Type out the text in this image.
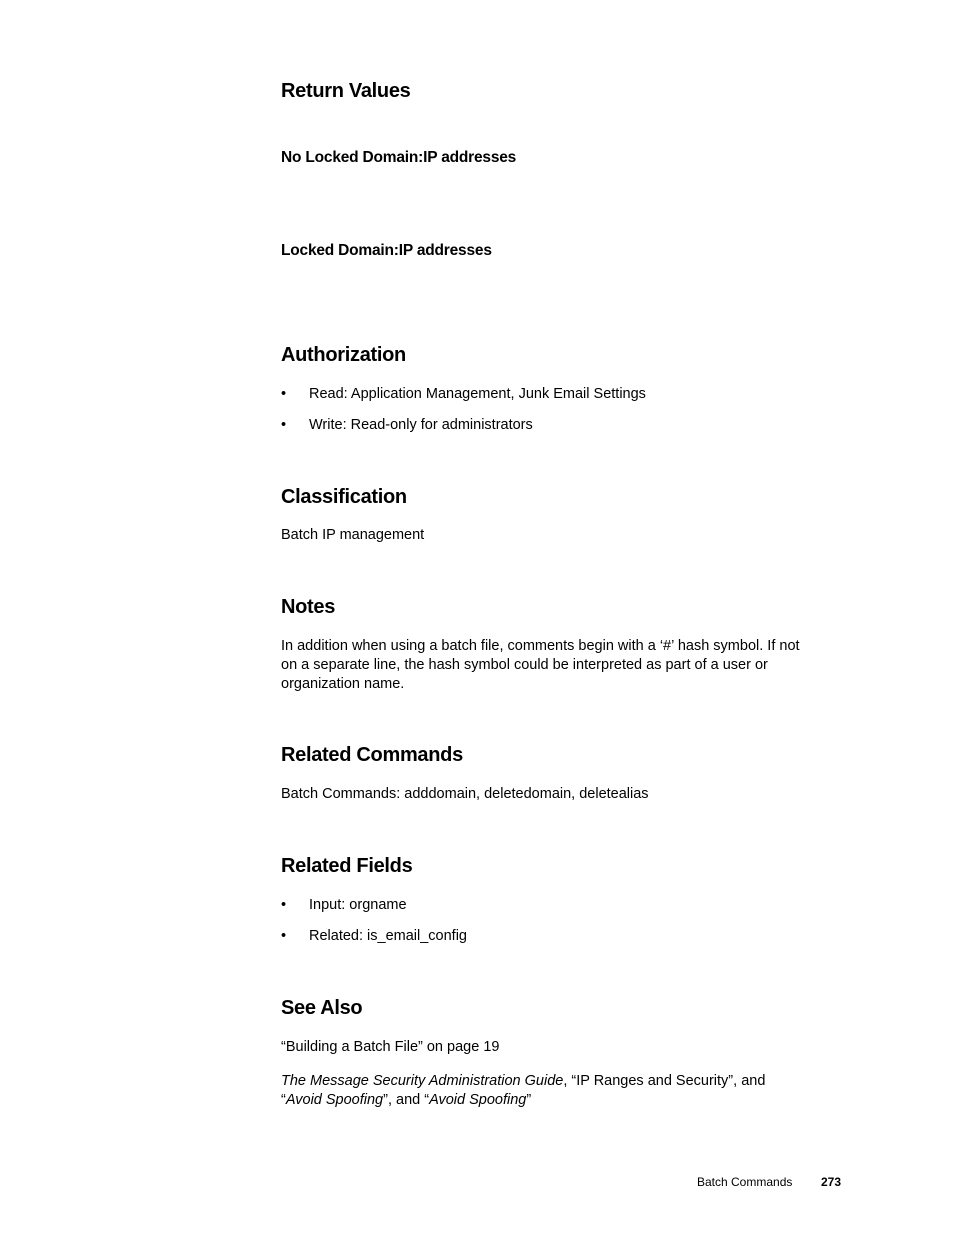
Return Values
No Locked Domain:IP addresses
Locked Domain:IP addresses
Authorization
• Read: Application Management, Junk Email Settings
• Write: Read-only for administrators
Classification
Batch IP management
Notes
In addition when using a batch file, comments begin with a ‘#’ hash symbol. If not
on a separate line, the hash symbol could be interpreted as part of a user or
organization name.
Related Commands
Batch Commands: adddomain, deletedomain, deletealias
Related Fields
• Input: orgname
• Related: is_email_config
See Also
“Building a Batch File” on page 19
The Message Security Administration Guide, “IP Ranges and Security”, and
“Avoid Spoofing”, and “Avoid Spoofing”
Batch Commands 273
